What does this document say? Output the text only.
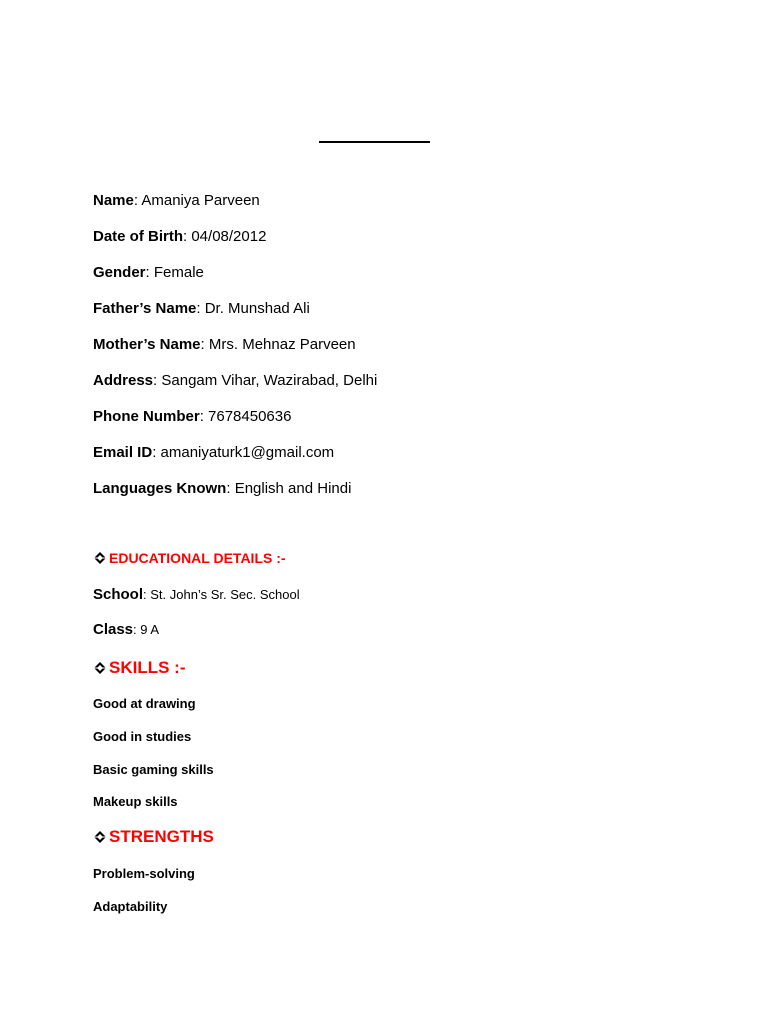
Name: Amaniya Parveen
Date of Birth: 04/08/2012
Gender: Female
Father’s Name: Dr. Munshad Ali
Mother’s Name: Mrs. Mehnaz Parveen
Address: Sangam Vihar, Wazirabad, Delhi
Phone Number: 7678450636
Email ID: amaniyaturk1@gmail.com
Languages Known: English and Hindi
EDUCATIONAL DETAILS :-
School: St. John’s Sr. Sec. School
Class: 9 A
SKILLS :-
Good at drawing
Good in studies
Basic gaming skills
Makeup skills
STRENGTHS
Problem-solving
Adaptability
